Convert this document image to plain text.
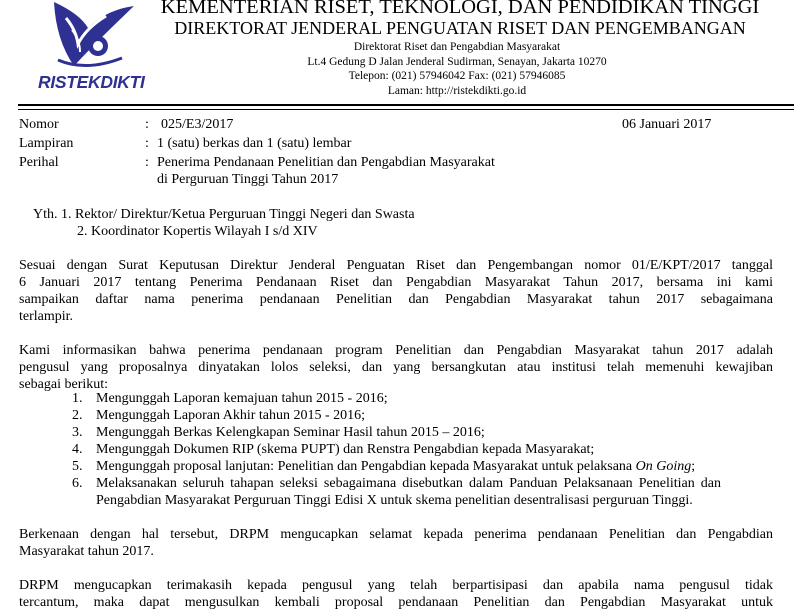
RISTEKDIKTI
KEMENTERIAN RISET, TEKNOLOGI, DAN PENDIDIKAN TINGGI
DIREKTORAT JENDERAL PENGUATAN RISET DAN PENGEMBANGAN
Direktorat Riset dan Pengabdian Masyarakat
Lt.4 Gedung D Jalan Jenderal Sudirman, Senayan, Jakarta 10270
Telepon: (021) 57946042 Fax: (021) 57946085
Laman: http://ristekdikti.go.id
Nomor	: 025/E3/2017	06 Januari 2017
Lampiran	: 1 (satu) berkas dan 1 (satu) lembar
Perihal	: Penerima Pendanaan Penelitian dan Pengabdian Masyarakat
di Perguruan Tinggi Tahun 2017
Yth. 1. Rektor/ Direktur/Ketua Perguruan Tinggi Negeri dan Swasta
2. Koordinator Kopertis Wilayah I s/d XIV
Sesuai dengan Surat Keputusan Direktur Jenderal Penguatan Riset dan Pengembangan nomor 01/E/KPT/2017 tanggal
6 Januari 2017 tentang Penerima Pendanaan Riset dan Pengabdian Masyarakat Tahun 2017, bersama ini kami
sampaikan daftar nama penerima pendanaan Penelitian dan Pengabdian Masyarakat tahun 2017 sebagaimana
terlampir.
Kami informasikan bahwa penerima pendanaan program Penelitian dan Pengabdian Masyarakat tahun 2017 adalah
pengusul yang proposalnya dinyatakan lolos seleksi, dan yang bersangkutan atau institusi telah memenuhi kewajiban
sebagai berikut:
1. Mengunggah Laporan kemajuan tahun 2015 - 2016;
2. Mengunggah Laporan Akhir tahun 2015 - 2016;
3. Mengunggah Berkas Kelengkapan Seminar Hasil tahun 2015 – 2016;
4. Mengunggah Dokumen RIP (skema PUPT) dan Renstra Pengabdian kepada Masyarakat;
5. Mengunggah proposal lanjutan: Penelitian dan Pengabdian kepada Masyarakat untuk pelaksana On Going;
6. Melaksanakan seluruh tahapan seleksi sebagaimana disebutkan dalam Panduan Pelaksanaan Penelitian dan
Pengabdian Masyarakat Perguruan Tinggi Edisi X untuk skema penelitian desentralisasi perguruan Tinggi.
Berkenaan dengan hal tersebut, DRPM mengucapkan selamat kepada penerima pendanaan Penelitian dan Pengabdian
Masyarakat tahun 2017.
DRPM mengucapkan terimakasih kepada pengusul yang telah berpartisipasi dan apabila nama pengusul tidak
tercantum, maka dapat mengusulkan kembali proposal pendanaan Penelitian dan Pengabdian Masyarakat untuk
